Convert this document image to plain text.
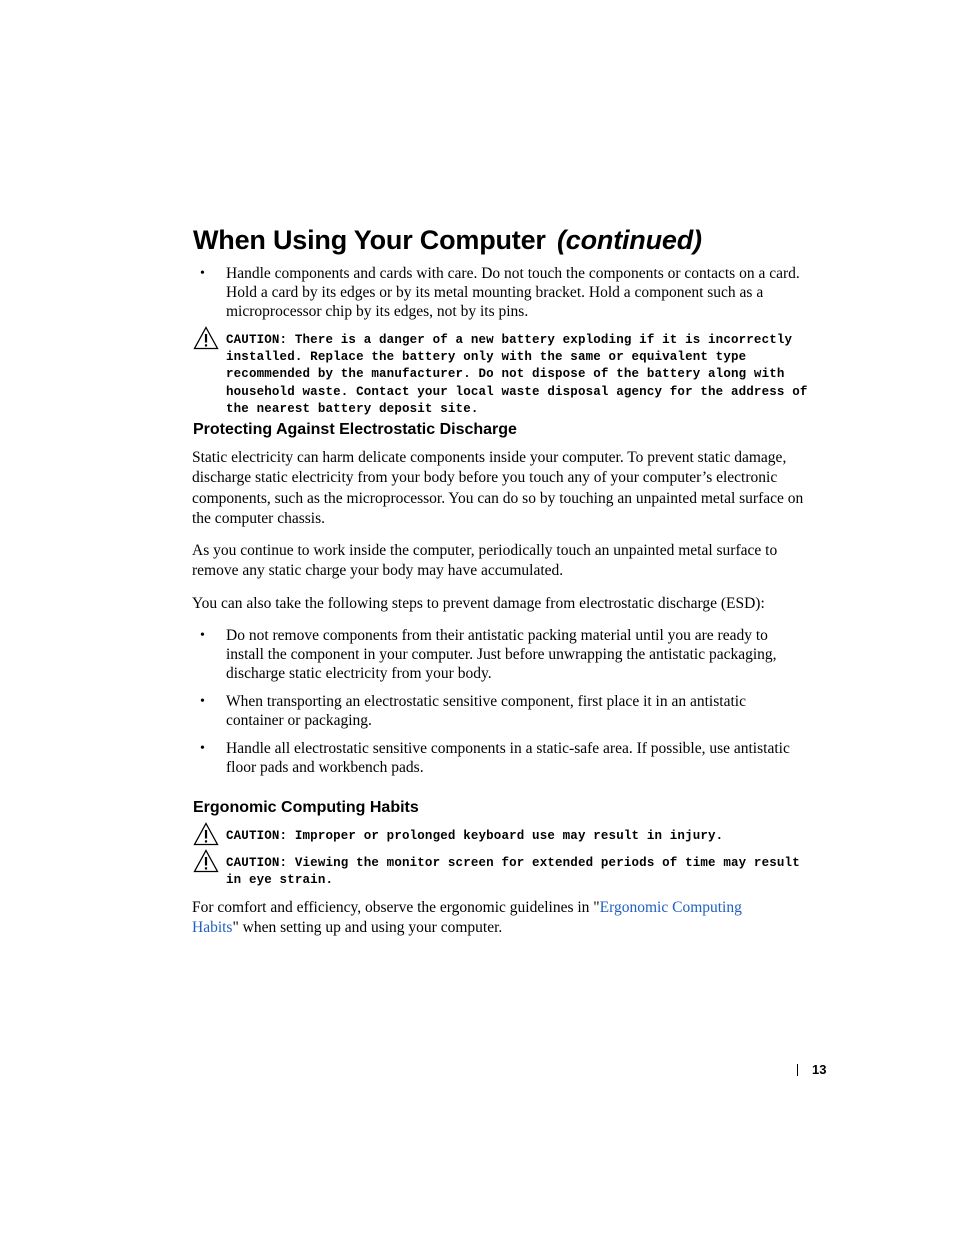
When Using Your Computer (continued)
• Handle components and cards with care. Do not touch the components or contacts on a card. Hold a card by its edges or by its metal mounting bracket. Hold a component such as a microprocessor chip by its edges, not by its pins.
CAUTION: There is a danger of a new battery exploding if it is incorrectly installed. Replace the battery only with the same or equivalent type recommended by the manufacturer. Do not dispose of the battery along with household waste. Contact your local waste disposal agency for the address of the nearest battery deposit site.
Protecting Against Electrostatic Discharge

Static electricity can harm delicate components inside your computer. To prevent static damage, discharge static electricity from your body before you touch any of your computer’s electronic components, such as the microprocessor. You can do so by touching an unpainted metal surface on the computer chassis.

As you continue to work inside the computer, periodically touch an unpainted metal surface to remove any static charge your body may have accumulated.

You can also take the following steps to prevent damage from electrostatic discharge (ESD):

• Do not remove components from their antistatic packing material until you are ready to install the component in your computer. Just before unwrapping the antistatic packaging, discharge static electricity from your body.
• When transporting an electrostatic sensitive component, first place it in an antistatic container or packaging.
• Handle all electrostatic sensitive components in a static-safe area. If possible, use antistatic floor pads and workbench pads.
Ergonomic Computing Habits
CAUTION: Improper or prolonged keyboard use may result in injury.
CAUTION: Viewing the monitor screen for extended periods of time may result in eye strain.

For comfort and efficiency, observe the ergonomic guidelines in "Ergonomic Computing Habits" when setting up and using your computer.

13
